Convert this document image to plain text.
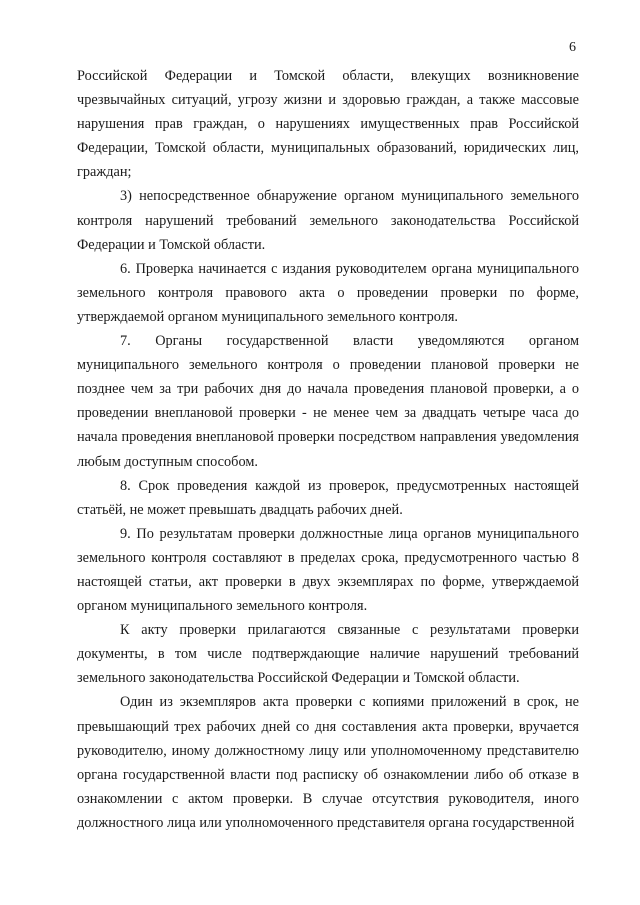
6

Российской Федерации и Томской области, влекущих возникновение чрезвычайных ситуаций, угрозу жизни и здоровью граждан, а также массовые нарушения прав граждан, о нарушениях имущественных прав Российской Федерации, Томской области, муниципальных образований, юридических лиц, граждан;

3) непосредственное обнаружение органом муниципального земельного контроля нарушений требований земельного законодательства Российской Федерации и Томской области.

6. Проверка начинается с издания руководителем органа муниципального земельного контроля правового акта о проведении проверки по форме, утверждаемой органом муниципального земельного контроля.

7. Органы государственной власти уведомляются органом муниципального земельного контроля о проведении плановой проверки не позднее чем за три рабочих дня до начала проведения плановой проверки, а о проведении внеплановой проверки - не менее чем за двадцать четыре часа до начала проведения внеплановой проверки посредством направления уведомления любым доступным способом.

8. Срок проведения каждой из проверок, предусмотренных настоящей статьёй, не может превышать двадцать рабочих дней.

9. По результатам проверки должностные лица органов муниципального земельного контроля составляют в пределах срока, предусмотренного частью 8 настоящей статьи, акт проверки в двух экземплярах по форме, утверждаемой органом муниципального земельного контроля.

К акту проверки прилагаются связанные с результатами проверки документы, в том числе подтверждающие наличие нарушений требований земельного законодательства Российской Федерации и Томской области.

Один из экземпляров акта проверки с копиями приложений в срок, не превышающий трех рабочих дней со дня составления акта проверки, вручается руководителю, иному должностному лицу или уполномоченному представителю органа государственной власти под расписку об ознакомлении либо об отказе в ознакомлении с актом проверки. В случае отсутствия руководителя, иного должностного лица или уполномоченного представителя органа государственной
